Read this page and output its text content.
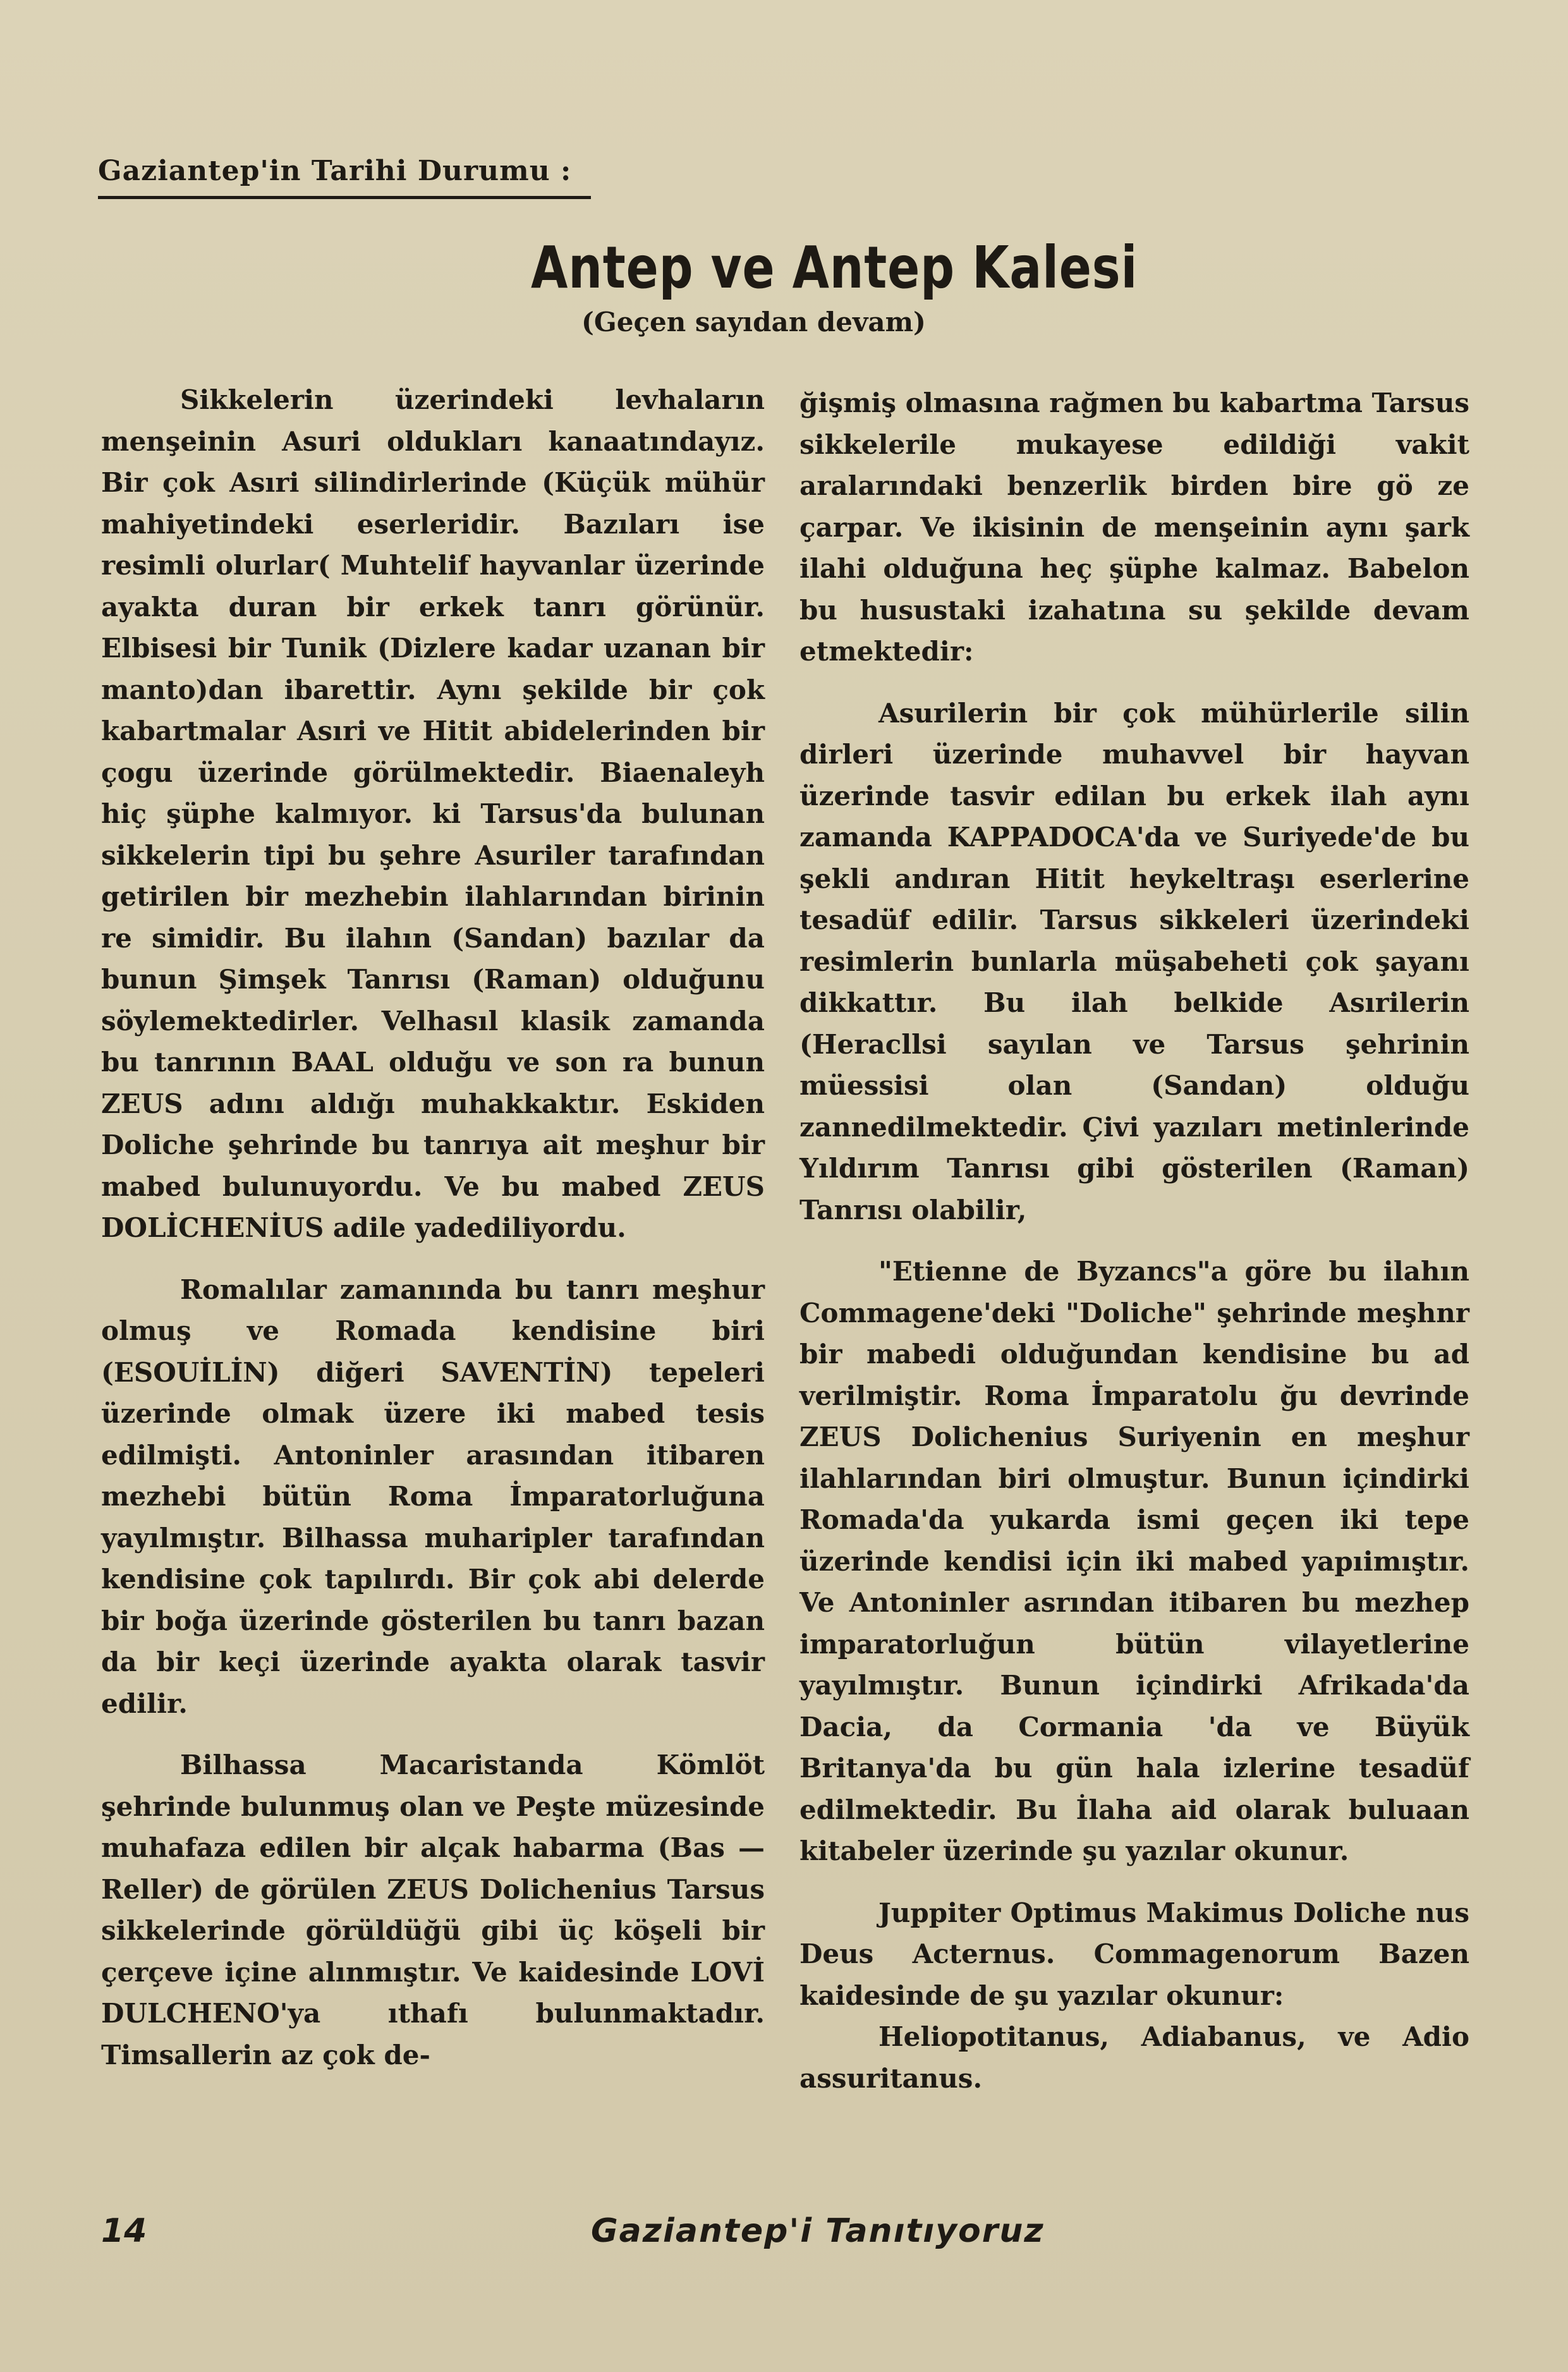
Gaziantep'in Tarihi Durumu :
Antep ve Antep Kalesi
(Geçen sayıdan devam)

Sikkelerin üzerindeki levhaların menşeinin Asuri oldukları kanaatındayız. Bir çok Asıri silindirlerinde (Küçük mühür mahiyetindeki eserleridir. Bazıları ise resimli olurlar( Muhtelif hayvanlar üzerinde ayakta duran bir erkek tanrı görünür. Elbisesi bir Tunik (Dizlere kadar uzanan bir manto)dan ibarettir. Aynı şekilde bir çok kabartmalar Asıri ve Hitit abidelerinden bir çogu üzerinde görülmektedir. Biaenaleyh hiç şüphe kalmıyor. ki Tarsus'da bulunan sikkelerin tipi bu şehre Asuriler tarafından getirilen bir mezhebin ilahlarından birinin re simidir. Bu ilahın (Sandan) bazılar da bunun Şimşek Tanrısı (Raman) olduğunu söylemektedirler. Velhasıl klasik zamanda bu tanrının BAAL olduğu ve son ra bunun ZEUS adını aldığı muhakkaktır. Eskiden Doliche şehrinde bu tanrıya ait meşhur bir mabed bulunuyordu. Ve bu mabed ZEUS DOLİCHENİUS adile yadediliyordu.

Romalılar zamanında bu tanrı meşhur olmuş ve Romada kendisine biri (ESOUİLİN) diğeri SAVENTİN) tepeleri üzerinde olmak üzere iki mabed tesis edilmişti. Antoninler arasından itibaren mezhebi bütün Roma İmparatorluğuna yayılmıştır. Bilhassa muharipler tarafından kendisine çok tapılırdı. Bir çok abi delerde bir boğa üzerinde gösterilen bu tanrı bazan da bir keçi üzerinde ayakta olarak tasvir edilir.

Bilhassa Macaristanda Kömlöt şehrinde bulunmuş olan ve Peşte müzesinde muhafaza edilen bir alçak habarma (Bas — Reller) de görülen ZEUS Dolichenius Tarsus sikkelerinde görüldüğü gibi üç köşeli bir çerçeve içine alınmıştır. Ve kaidesinde LOVİ DULCHENO'ya ıthafı bulunmaktadır. Timsallerin az çok de-

ğişmiş olmasına rağmen bu kabartma Tarsus sikkelerile mukayese edildiği vakit aralarındaki benzerlik birden bire gö ze çarpar. Ve ikisinin de menşeinin aynı şark ilahi olduğuna heç şüphe kalmaz. Babelon bu husustaki izahatına su şekilde devam etmektedir:

Asurilerin bir çok mühürlerile silin dirleri üzerinde muhavvel bir hayvan üzerinde tasvir edilan bu erkek ilah aynı zamanda KAPPADOCA'da ve Suriyede'de bu şekli andıran Hitit heykeltraşı eserlerine tesadüf edilir. Tarsus sikkeleri üzerindeki resimlerin bunlarla müşabeheti çok şayanı dikkattır. Bu ilah belkide Asırilerin (Heracllsi sayılan ve Tarsus şehrinin müessisi olan (Sandan) olduğu zannedilmektedir. Çivi yazıları metinlerinde Yıldırım Tanrısı gibi gösterilen (Raman) Tanrısı olabilir,

"Etienne de Byzancs"a göre bu ilahın Commagene'deki "Doliche" şehrinde meşhnr bir mabedi olduğundan kendisine bu ad verilmiştir. Roma İmparatolu ğu devrinde ZEUS Dolichenius Suriyenin en meşhur ilahlarından biri olmuştur. Bunun içindirki Romada'da yukarda ismi geçen iki tepe üzerinde kendisi için iki mabed yapıimıştır. Ve Antoninler asrından itibaren bu mezhep imparatorluğun bütün vilayetlerine yayılmıştır. Bunun içindirki Afrikada'da Dacia, da Cormania 'da ve Büyük Britanya'da bu gün hala izlerine tesadüf edilmektedir. Bu İlaha aid olarak buluaan kitabeler üzerinde şu yazılar okunur.

Juppiter Optimus Makimus Doliche nus Deus Acternus. Commagenorum Bazen kaidesinde de şu yazılar okunur:

Heliopotitanus, Adiabanus, ve Adio assuritanus.

14	Gaziantep'i Tanıtıyoruz
